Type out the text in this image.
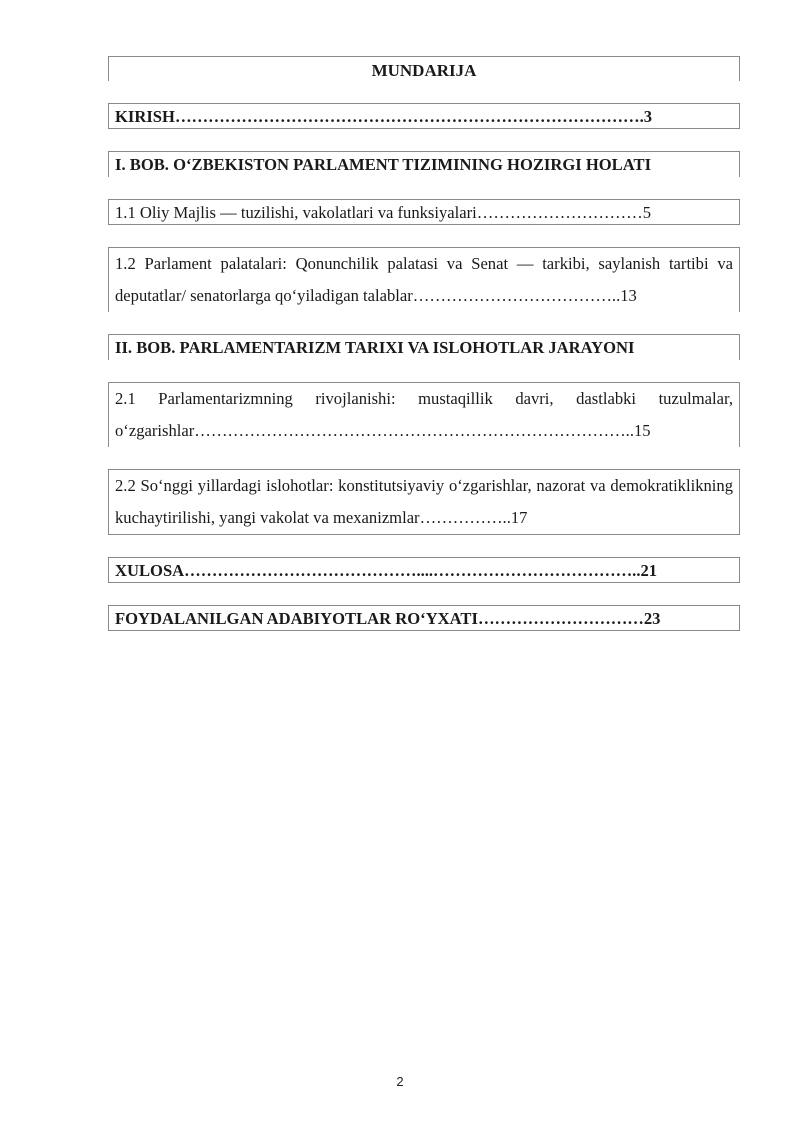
MUNDARIJA
KIRISH………………………………………………………………………….3
I. BOB. O‘ZBEKISTON PARLAMENT TIZIMINING HOZIRGI HOLATI
1.1 Oliy Majlis — tuzilishi, vakolatlari va funksiyalari…………………………5
1.2 Parlament palatalari: Qonunchilik palatasi va Senat — tarkibi, saylanish tartibi va deputatlar/ senatorlarga qo‘yiladigan talablar………………………………..13
II. BOB. PARLAMENTARIZM TARIXI VA ISLOHOTLAR JARAYONI
2.1 Parlamentarizmning rivojlanishi: mustaqillik davri, dastlabki tuzulmalar, o‘zgarishlar……………………………………………………………………..15
2.2 So‘nggi yillardagi islohotlar: konstitutsiyaviy o‘zgarishlar, nazorat va demokratiklikning kuchaytirilishi, yangi vakolat va mexanizmlar……………..17
XULOSA……………………………………....………………………………..21
FOYDALANILGAN ADABIYOTLAR RO‘YXATI…………………………23
2
